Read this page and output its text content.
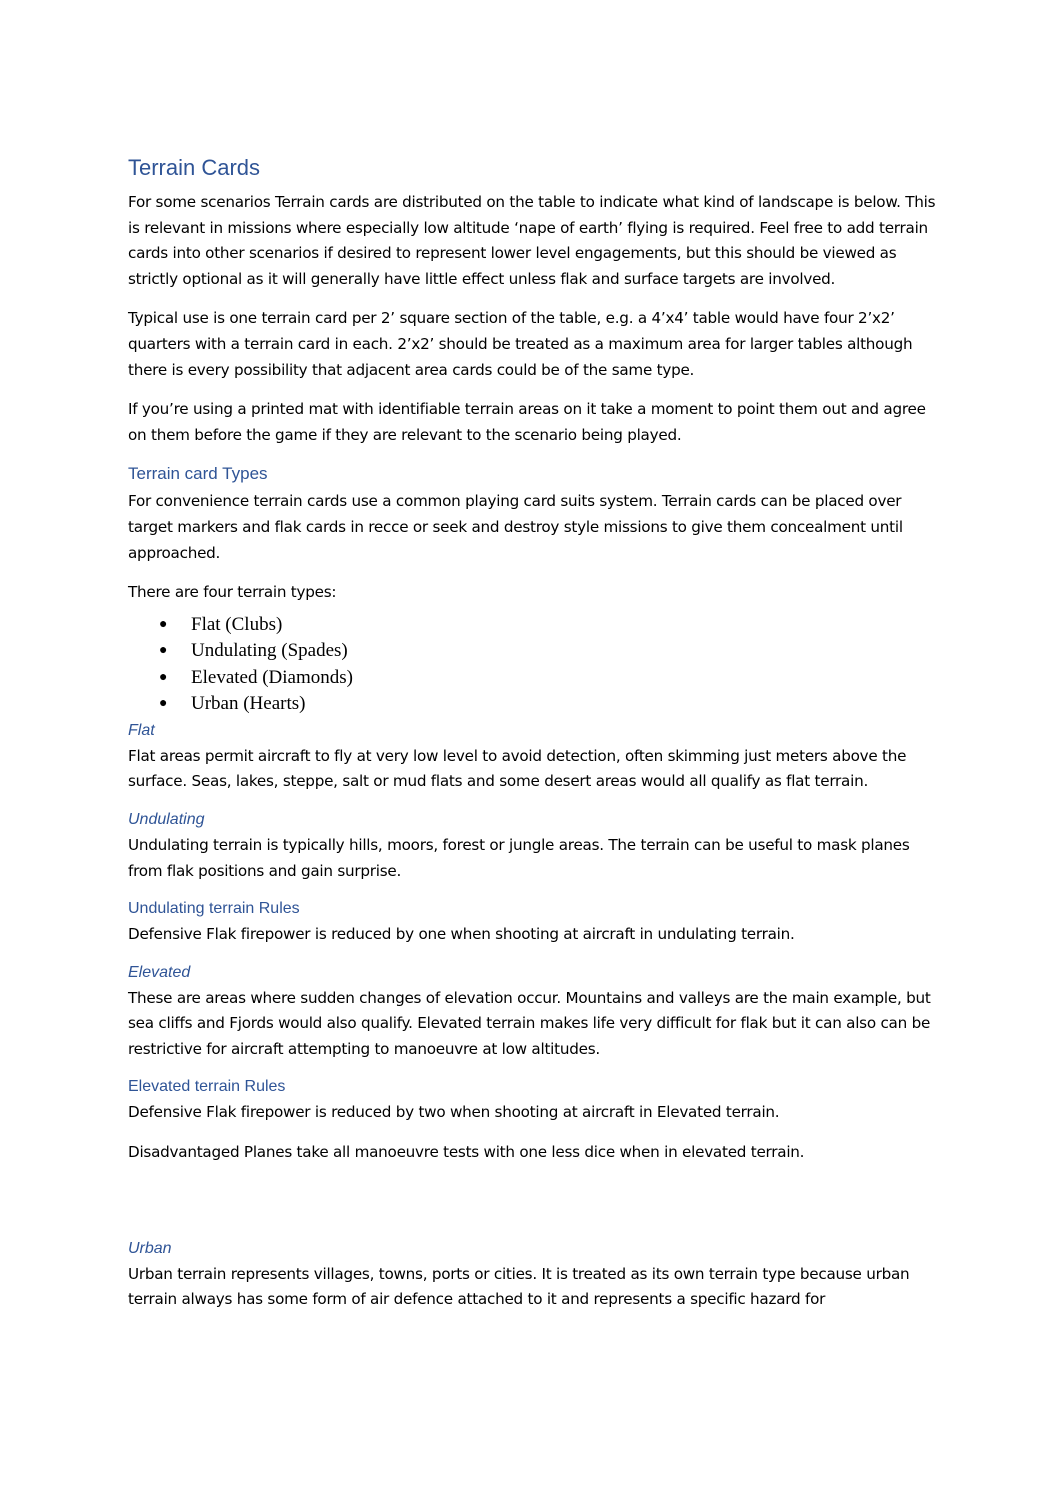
Terrain Cards

For some scenarios Terrain cards are distributed on the table to indicate what kind of landscape is below. This is relevant in missions where especially low altitude ‘nape of earth’ flying is required. Feel free to add terrain cards into other scenarios if desired to represent lower level engagements, but this should be viewed as strictly optional as it will generally have little effect unless flak and surface targets are involved.

Typical use is one terrain card per 2’ square section of the table, e.g. a 4’x4’ table would have four 2’x2’ quarters with a terrain card in each. 2’x2’ should be treated as a maximum area for larger tables although there is every possibility that adjacent area cards could be of the same type.

If you’re using a printed mat with identifiable terrain areas on it take a moment to point them out and agree on them before the game if they are relevant to the scenario being played.

Terrain card Types

For convenience terrain cards use a common playing card suits system. Terrain cards can be placed over target markers and flak cards in recce or seek and destroy style missions to give them concealment until approached.

There are four terrain types:

● Flat (Clubs)
● Undulating (Spades)
● Elevated (Diamonds)
● Urban (Hearts)
Flat

Flat areas permit aircraft to fly at very low level to avoid detection, often skimming just meters above the surface. Seas, lakes, steppe, salt or mud flats and some desert areas would all qualify as flat terrain.

Undulating

Undulating terrain is typically hills, moors, forest or jungle areas. The terrain can be useful to mask planes from flak positions and gain surprise.

Undulating terrain Rules

Defensive Flak firepower is reduced by one when shooting at aircraft in undulating terrain.

Elevated

These are areas where sudden changes of elevation occur. Mountains and valleys are the main example, but sea cliffs and Fjords would also qualify. Elevated terrain makes life very difficult for flak but it can also can be restrictive for aircraft attempting to manoeuvre at low altitudes.

Elevated terrain Rules

Defensive Flak firepower is reduced by two when shooting at aircraft in Elevated terrain.

Disadvantaged Planes take all manoeuvre tests with one less dice when in elevated terrain.

Urban

Urban terrain represents villages, towns, ports or cities. It is treated as its own terrain type because urban terrain always has some form of air defence attached to it and represents a specific hazard for
